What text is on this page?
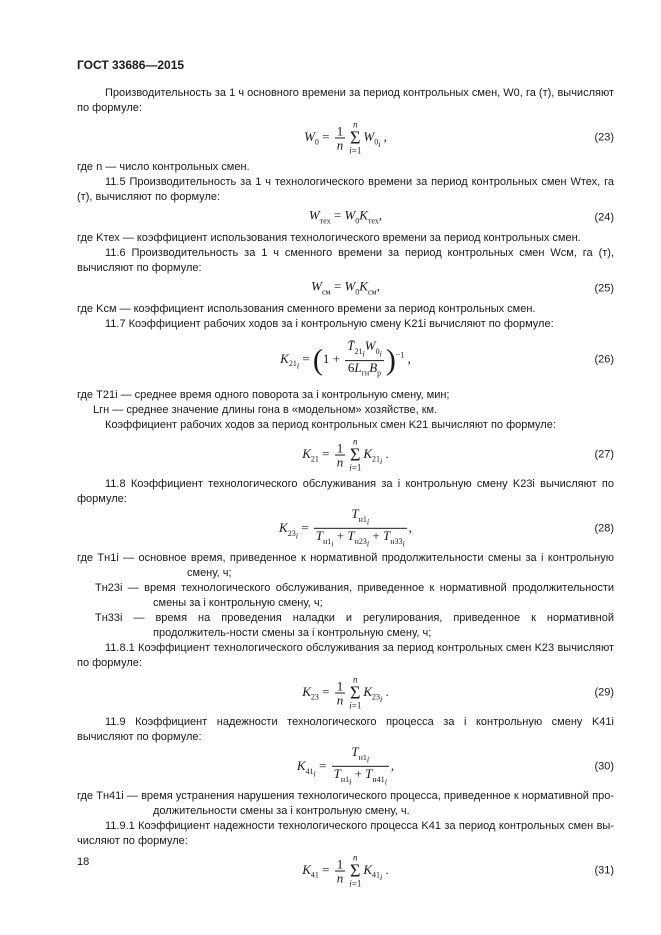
ГОСТ 33686—2015

Производительность за 1 ч основного времени за период контрольных смен, W0, га (т), вычисляют по формуле:

$W_0 = \frac{1}{n}$ n
Σ
$i=1W_{0_i}$ ,	(23)

где n — число контрольных смен.

11.5 Производительность за 1 ч технологического времени за период контрольных смен Wтех, га (т), вычисляют по формуле:

$W_{тех} = W_0K_{тех}$,	(24)

где Kтех — коэффициент использования технологического времени за период контрольных смен.

11.6 Производительность за 1 ч сменного времени за период контрольных смен Wсм, га (т), вычисляют по формуле:

$W_{см} = W_0K_{см}$,	(25)

где Kсм — коэффициент использования сменного времени за период контрольных смен.

11.7 Коэффициент рабочих ходов за i контрольную смену K21i вычисляют по формуле:

$K_{21_i} = (1 + \frac{T̄_{21_i}W_{0_i}}{6L_{гн}B_р} )^{-1}$ ,	(26)

где T21i — среднее время одного поворота за i контрольную смену, мин;

Lгн — среднее значение длины гона в «модельном» хозяйстве, км.

Коэффициент рабочих ходов за период контрольных смен K21 вычисляют по формуле:

$K_{21} = \frac{1}{n}$ n
Σ
$i=1K_{21_i}$ .	(27)

11.8 Коэффициент технологического обслуживания за i контрольную смену K23i вычисляют по формуле:

$K_{23_i} = \frac{T_{н1_i}}{T_{н1_i} + T_{н23_i} + T_{н33_i}}$ ,	(28)

где Tн1i — основное время, приведенное к нормативной продолжительности смены за i контрольную смену, ч;

Tн23i — время технологического обслуживания, приведенное к нормативной продолжительности смены за i контрольную смену, ч;

Tн33i — время на проведения наладки и регулирования, приведенное к нормативной продолжитель-ности смены за i контрольную смену, ч;

11.8.1 Коэффициент технологического обслуживания за период контрольных смен K23 вычисляют по формуле:

$K_{23} = \frac{1}{n}$ n
Σ
$i=1K_{23_i}$ .	(29)

11.9 Коэффициент надежности технологического процесса за i контрольную смену K41i вычисляют по формуле:

$K_{41_i} = \frac{T_{н1_i}}{T_{н1_i} + T_{н41_i}}$ ,	(30)

где Tн41i — время устранения нарушения технологического процесса, приведенное к нормативной про-должительности смены за i контрольную смену, ч.

11.9.1 Коэффициент надежности технологического процесса K41 за период контрольных смен вы-числяют по формуле:

$K_{41} = \frac{1}{n}$ n
Σ
$i=1K_{41_i}$ .	(31)
18
